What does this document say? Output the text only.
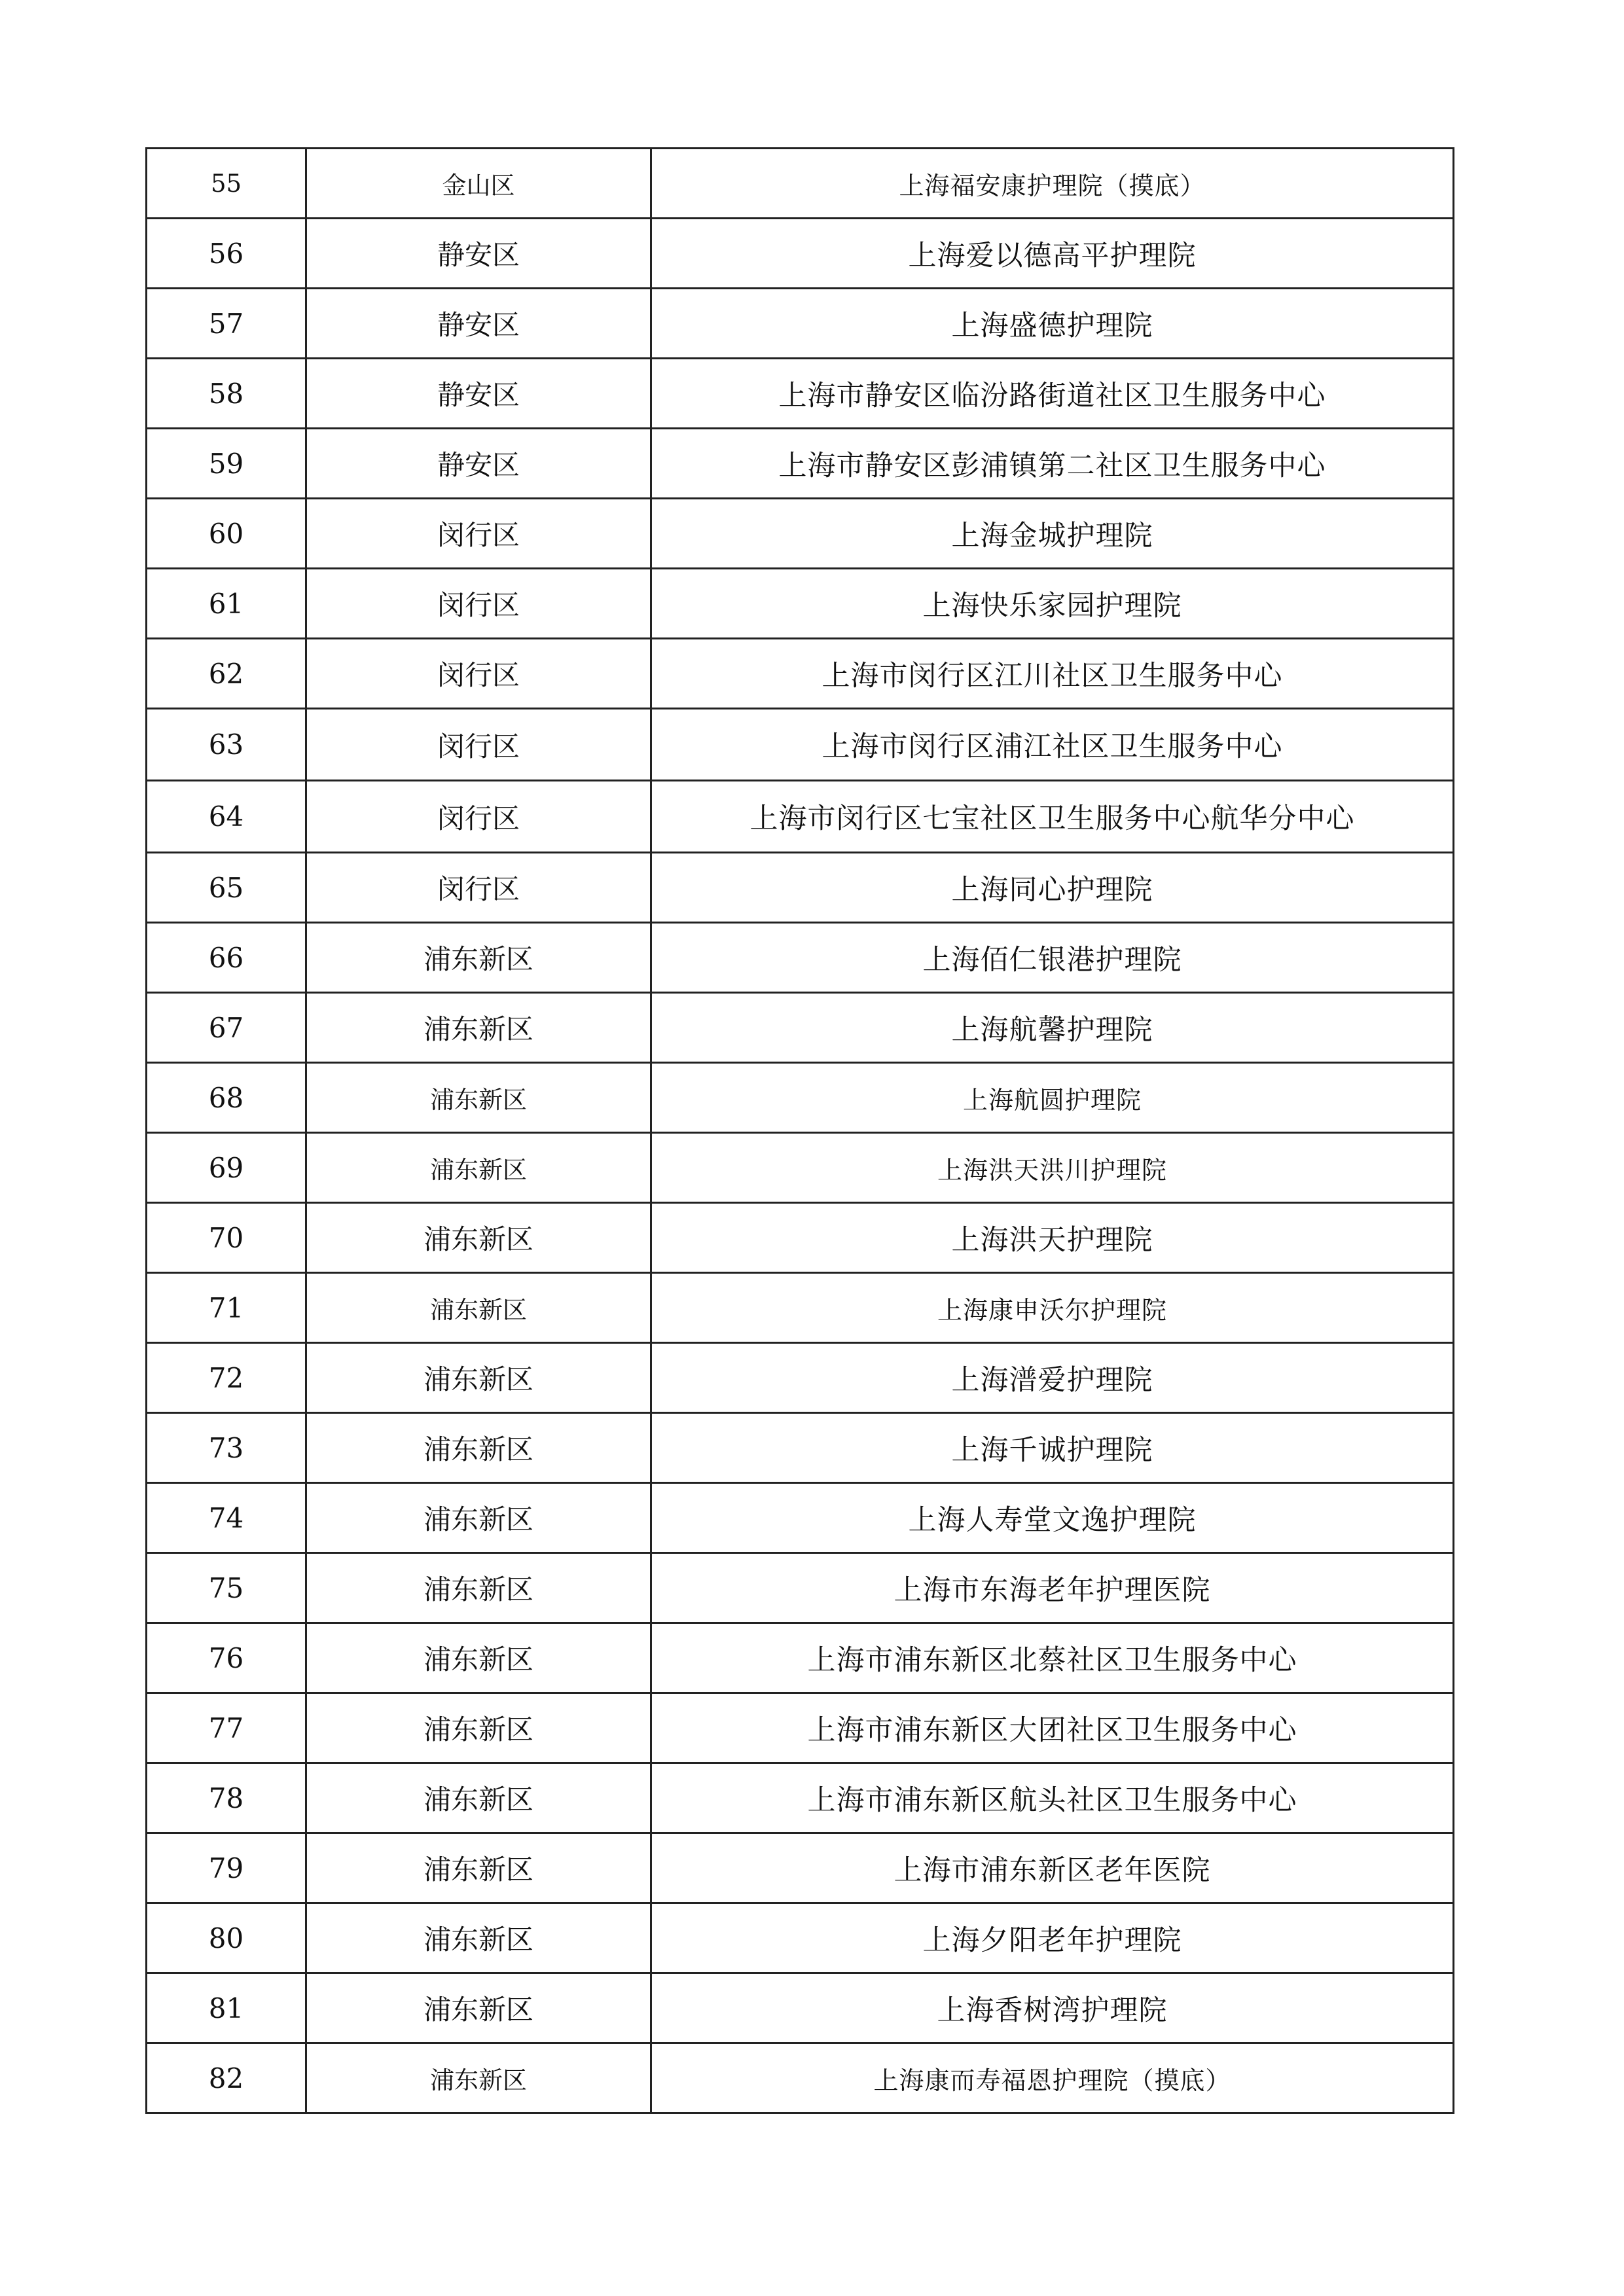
55	金山区	上海福安康护理院（摸底）
56	静安区	上海爱以德高平护理院
57	静安区	上海盛德护理院
58	静安区	上海市静安区临汾路街道社区卫生服务中心
59	静安区	上海市静安区彭浦镇第二社区卫生服务中心
60	闵行区	上海金城护理院
61	闵行区	上海快乐家园护理院
62	闵行区	上海市闵行区江川社区卫生服务中心
63	闵行区	上海市闵行区浦江社区卫生服务中心
64	闵行区	上海市闵行区七宝社区卫生服务中心航华分中心
65	闵行区	上海同心护理院
66	浦东新区	上海佰仁银港护理院
67	浦东新区	上海航馨护理院
68	浦东新区	上海航圆护理院
69	浦东新区	上海洪天洪川护理院
70	浦东新区	上海洪天护理院
71	浦东新区	上海康申沃尔护理院
72	浦东新区	上海潽爱护理院
73	浦东新区	上海千诚护理院
74	浦东新区	上海人寿堂文逸护理院
75	浦东新区	上海市东海老年护理医院
76	浦东新区	上海市浦东新区北蔡社区卫生服务中心
77	浦东新区	上海市浦东新区大团社区卫生服务中心
78	浦东新区	上海市浦东新区航头社区卫生服务中心
79	浦东新区	上海市浦东新区老年医院
80	浦东新区	上海夕阳老年护理院
81	浦东新区	上海香树湾护理院
82	浦东新区	上海康而寿福恩护理院（摸底）
